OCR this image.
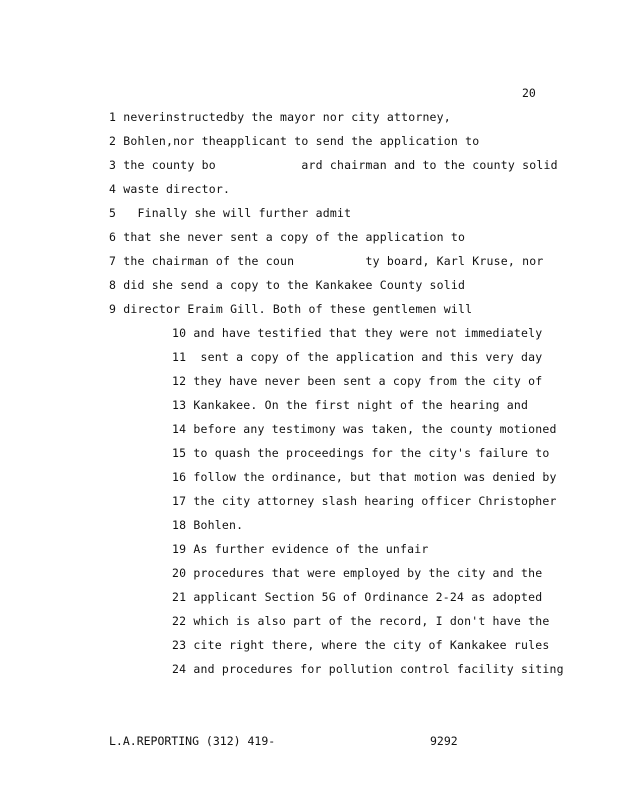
20
1 neverinstructedby the mayor nor city attorney,
2 Bohlen,nor theapplicant to send the application to
3 the county bo            ard chairman and to the county solid
4 waste director.
5   Finally she will further admit
6 that she never sent a copy of the application to
7 the chairman of the coun          ty board, Karl Kruse, nor
8 did she send a copy to the Kankakee County solid
9 director Eraim Gill. Both of these gentlemen will
10 and have testified that they were not immediately
11  sent a copy of the application and this very day
12 they have never been sent a copy from the city of
13 Kankakee. On the first night of the hearing and
14 before any testimony was taken, the county motioned
15 to quash the proceedings for the city's failure to
16 follow the ordinance, but that motion was denied by
17 the city attorney slash hearing officer Christopher
18 Bohlen.
19 As further evidence of the unfair
20 procedures that were employed by the city and the
21 applicant Section 5G of Ordinance 2-24 as adopted
22 which is also part of the record, I don't have the
23 cite right there, where the city of Kankakee rules
24 and procedures for pollution control facility siting
L.A.REPORTING (312) 419-	9292
